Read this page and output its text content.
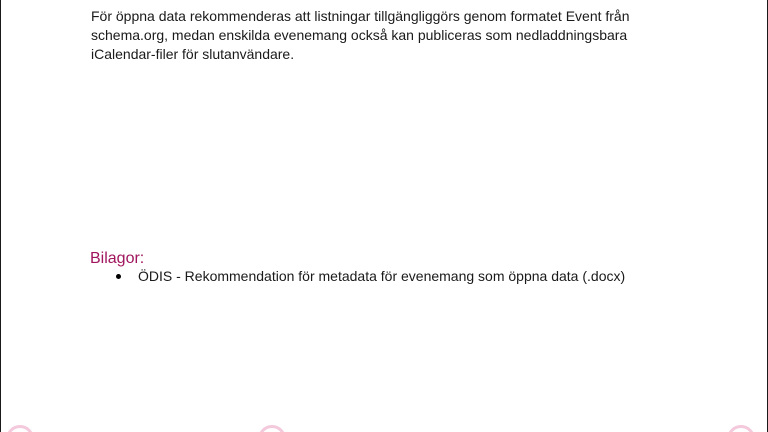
För öppna data rekommenderas att listningar tillgängliggörs genom formatet Event från schema.org, medan enskilda evenemang också kan publiceras som nedladdningsbara iCalendar-filer för slutanvändare.

Bilagor:
ÖDIS - Rekommendation för metadata för evenemang som öppna data (.docx)
